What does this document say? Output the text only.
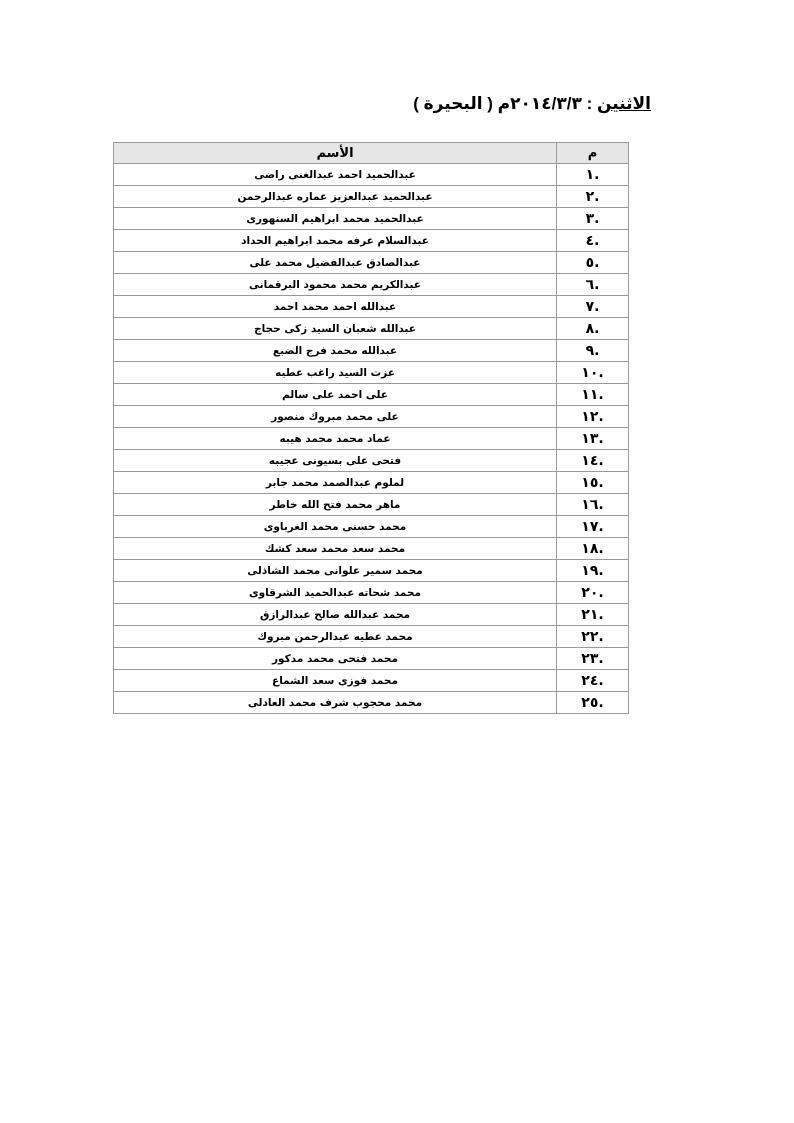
الاثنين : ٢٠١٤/٣/٣م ( البحيرة )
م	الأسم
.١	عبدالحميد احمد عبدالغنى راضى
.٢	عبدالحميد عبدالعزيز عماره عبدالرحمن
.٣	عبدالحميد محمد ابراهيم السنهورى
.٤	عبدالسلام عرفه محمد ابراهيم الحداد
.٥	عبدالصادق عبدالفضيل محمد على
.٦	عبدالكريم محمد محمود البرقمانى
.٧	عبدالله احمد محمد احمد
.٨	عبدالله شعبان السيد زكى حجاج
.٩	عبدالله محمد فرج الضبع
.١٠	عزت السيد راغب عطيه
.١١	على احمد على سالم
.١٢	على محمد مبروك منصور
.١٣	عماد محمد محمد هيبه
.١٤	فتحى على بسيونى عجيبه
.١٥	لملوم عبدالصمد محمد جابر
.١٦	ماهر محمد فتح الله خاطر
.١٧	محمد حسنى محمد الغرباوى
.١٨	محمد سعد محمد سعد كشك
.١٩	محمد سمير علوانى محمد الشاذلى
.٢٠	محمد شحاته عبدالحميد الشرقاوى
.٢١	محمد عبدالله صالح عبدالرازق
.٢٢	محمد عطيه عبدالرحمن مبروك
.٢٣	محمد فتحى محمد مدكور
.٢٤	محمد فوزى سعد الشماع
.٢٥	محمد محجوب شرف محمد العادلى
